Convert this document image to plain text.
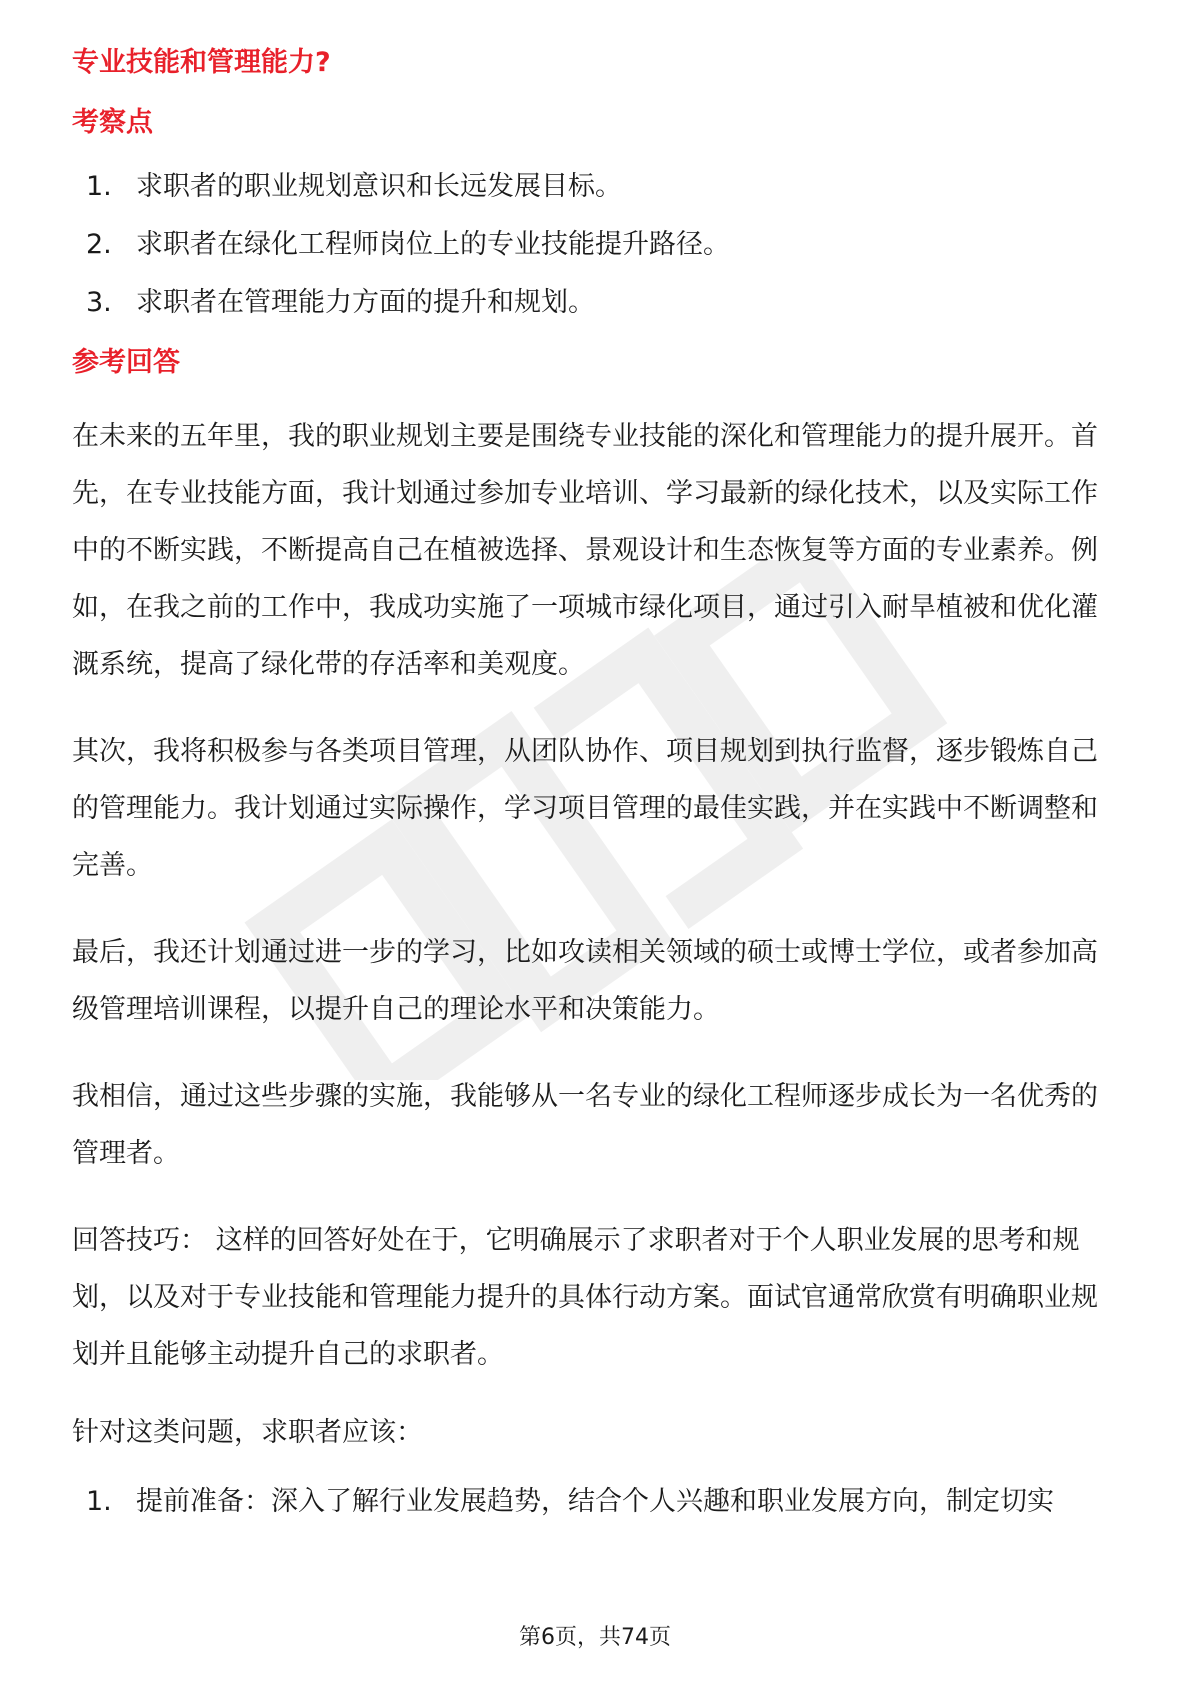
专业技能和管理能力?
考察点
1. 求职者的职业规划意识和长远发展目标。
2. 求职者在绿化工程师岗位上的专业技能提升路径。
3. 求职者在管理能力方面的提升和规划。
参考回答

在未来的五年里，我的职业规划主要是围绕专业技能的深化和管理能力的提升展开。首先，在专业技能方面，我计划通过参加专业培训、学习最新的绿化技术，以及实际工作中的不断实践，不断提高自己在植被选择、景观设计和生态恢复等方面的专业素养。例如，在我之前的工作中，我成功实施了一项城市绿化项目，通过引入耐旱植被和优化灌溉系统，提高了绿化带的存活率和美观度。

其次，我将积极参与各类项目管理，从团队协作、项目规划到执行监督，逐步锻炼自己的管理能力。我计划通过实际操作，学习项目管理的最佳实践，并在实践中不断调整和完善。

最后，我还计划通过进一步的学习，比如攻读相关领域的硕士或博士学位，或者参加高级管理培训课程，以提升自己的理论水平和决策能力。

我相信，通过这些步骤的实施，我能够从一名专业的绿化工程师逐步成长为一名优秀的管理者。

回答技巧： 这样的回答好处在于，它明确展示了求职者对于个人职业发展的思考和规划，以及对于专业技能和管理能力提升的具体行动方案。面试官通常欣赏有明确职业规划并且能够主动提升自己的求职者。

针对这类问题，求职者应该：

1. 提前准备：深入了解行业发展趋势，结合个人兴趣和职业发展方向，制定切实
第6页，共74页
